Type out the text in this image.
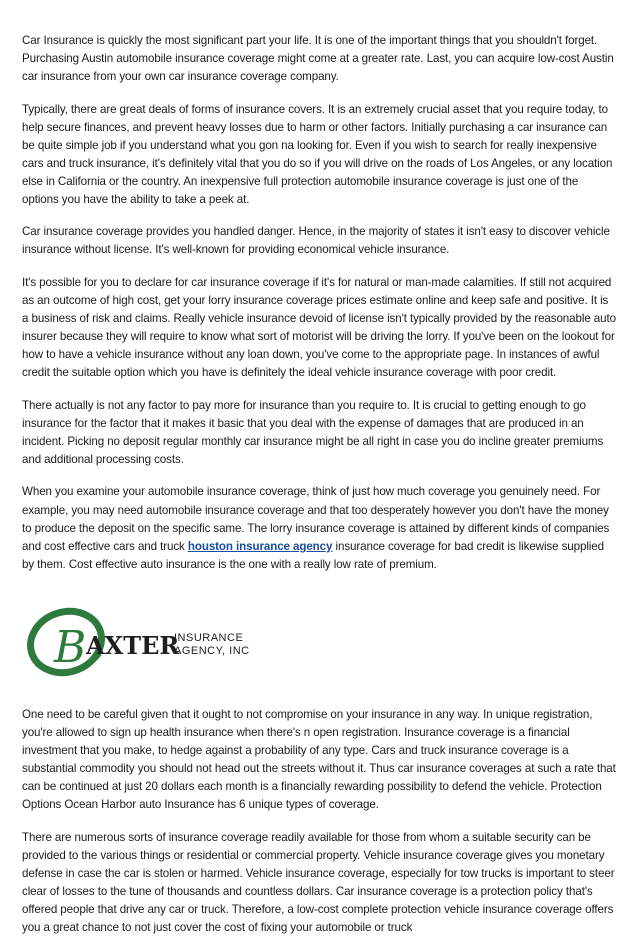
Car Insurance is quickly the most significant part your life. It is one of the important things that you shouldn't forget. Purchasing Austin automobile insurance coverage might come at a greater rate. Last, you can acquire low-cost Austin car insurance from your own car insurance coverage company.

Typically, there are great deals of forms of insurance covers. It is an extremely crucial asset that you require today, to help secure finances, and prevent heavy losses due to harm or other factors. Initially purchasing a car insurance can be quite simple job if you understand what you gon na looking for. Even if you wish to search for really inexpensive cars and truck insurance, it's definitely vital that you do so if you will drive on the roads of Los Angeles, or any location else in California or the country. An inexpensive full protection automobile insurance coverage is just one of the options you have the ability to take a peek at.

Car insurance coverage provides you handled danger. Hence, in the majority of states it isn't easy to discover vehicle insurance without license. It's well-known for providing economical vehicle insurance.

It's possible for you to declare for car insurance coverage if it's for natural or man-made calamities. If still not acquired as an outcome of high cost, get your lorry insurance coverage prices estimate online and keep safe and positive. It is a business of risk and claims. Really vehicle insurance devoid of license isn't typically provided by the reasonable auto insurer because they will require to know what sort of motorist will be driving the lorry. If you've been on the lookout for how to have a vehicle insurance without any loan down, you've come to the appropriate page. In instances of awful credit the suitable option which you have is definitely the ideal vehicle insurance coverage with poor credit.

There actually is not any factor to pay more for insurance than you require to. It is crucial to getting enough to go insurance for the factor that it makes it basic that you deal with the expense of damages that are produced in an incident. Picking no deposit regular monthly car insurance might be all right in case you do incline greater premiums and additional processing costs.

When you examine your automobile insurance coverage, think of just how much coverage you genuinely need. For example, you may need automobile insurance coverage and that too desperately however you don't have the money to produce the deposit on the specific same. The lorry insurance coverage is attained by different kinds of companies and cost effective cars and truck houston insurance agency insurance coverage for bad credit is likewise supplied by them. Cost effective auto insurance is the one with a really low rate of premium.

B AXTER
INSURANCE
AGENCY, INC

One need to be careful given that it ought to not compromise on your insurance in any way. In unique registration, you're allowed to sign up health insurance when there's n open registration. Insurance coverage is a financial investment that you make, to hedge against a probability of any type. Cars and truck insurance coverage is a substantial commodity you should not head out the streets without it. Thus car insurance coverages at such a rate that can be continued at just 20 dollars each month is a financially rewarding possibility to defend the vehicle. Protection Options Ocean Harbor auto Insurance has 6 unique types of coverage.

There are numerous sorts of insurance coverage readily available for those from whom a suitable security can be provided to the various things or residential or commercial property. Vehicle insurance coverage gives you monetary defense in case the car is stolen or harmed. Vehicle insurance coverage, especially for tow trucks is important to steer clear of losses to the tune of thousands and countless dollars. Car insurance coverage is a protection policy that's offered people that drive any car or truck. Therefore, a low-cost complete protection vehicle insurance coverage offers you a great chance to not just cover the cost of fixing your automobile or truck
